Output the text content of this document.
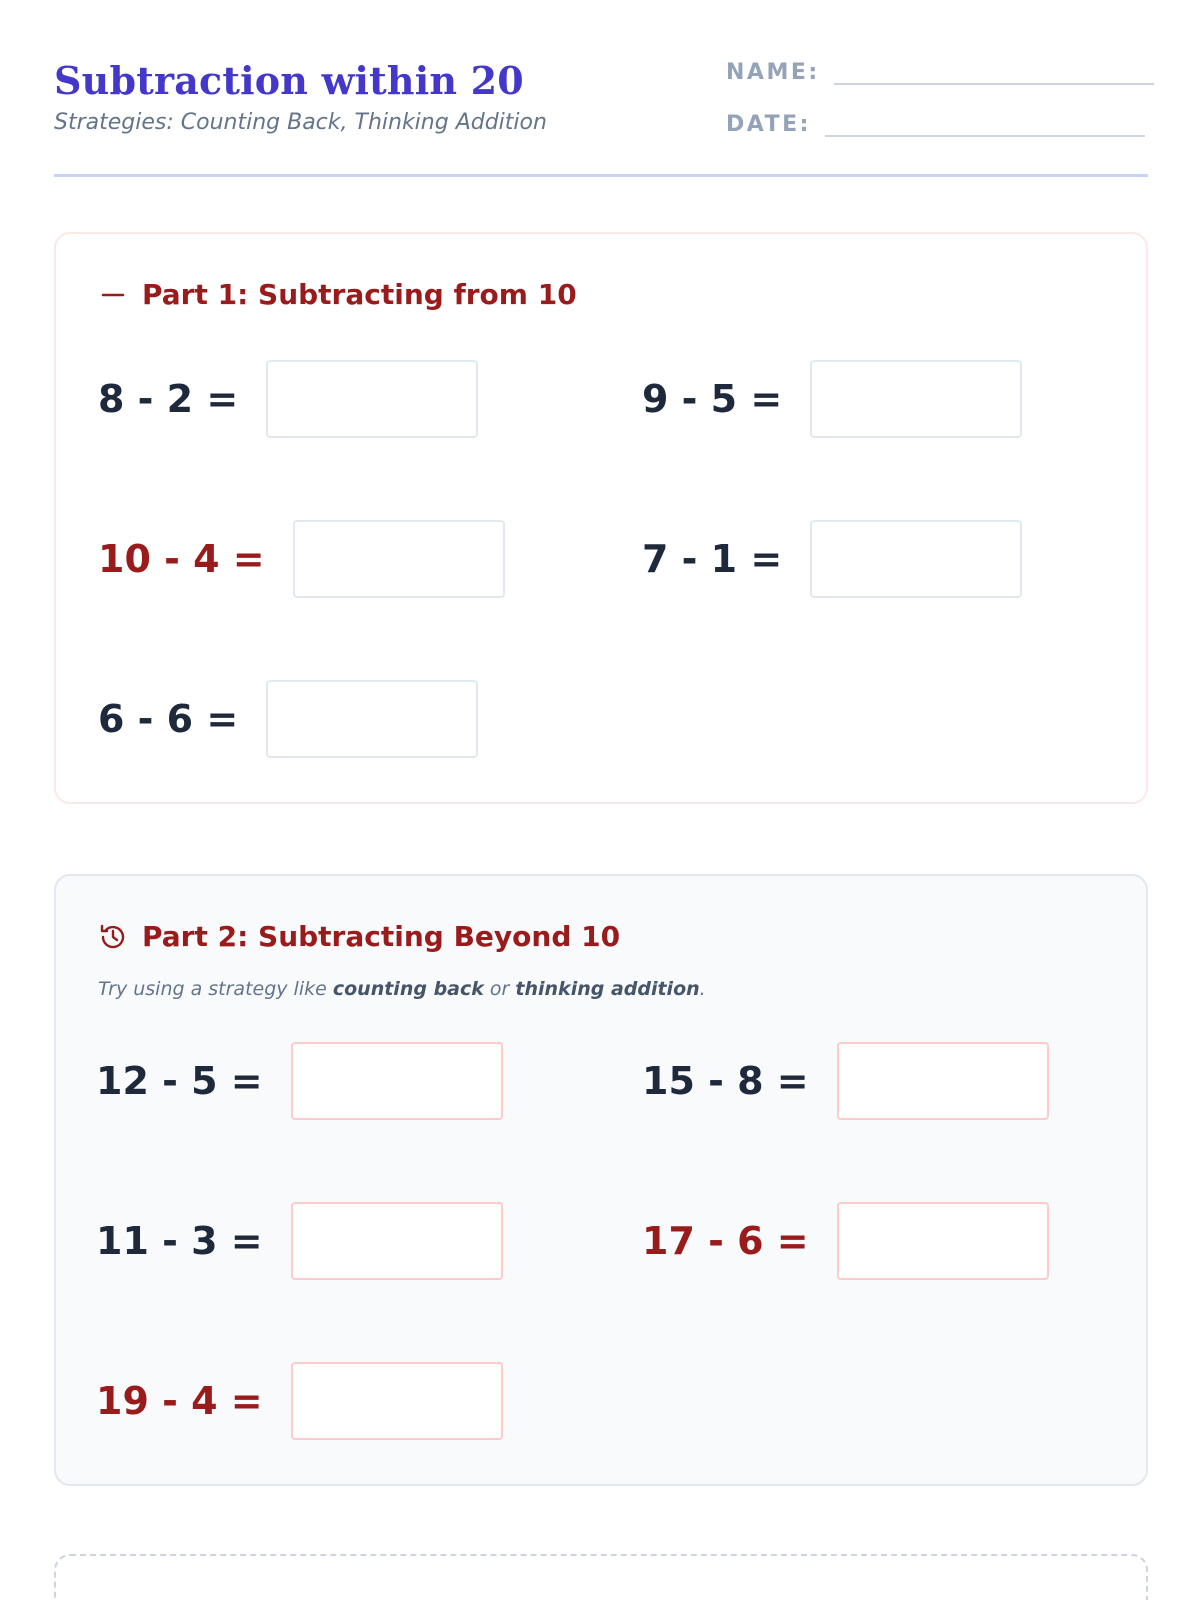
Subtraction within 20
Strategies: Counting Back, Thinking Addition
NAME:
DATE:
Part 1: Subtracting from 10
8 - 2 =	9 - 5 =
10 - 4 =	7 - 1 =
6 - 6 =
Part 2: Subtracting Beyond 10
Try using a strategy like counting back or thinking addition.
12 - 5 =	15 - 8 =
11 - 3 =	17 - 6 =
19 - 4 =
